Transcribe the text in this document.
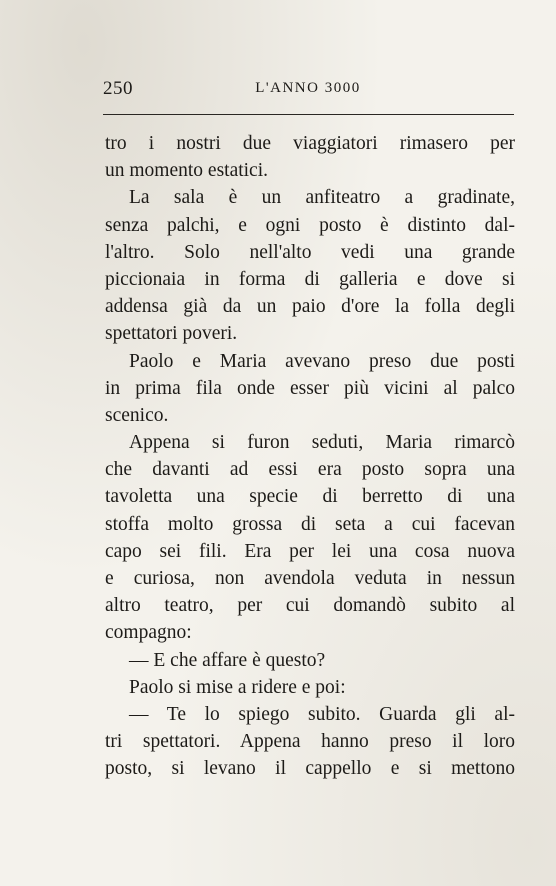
250	L'ANNO 3000
tro i nostri due viaggiatori rimasero per
un momento estatici.
La sala è un anfiteatro a gradinate,
senza palchi, e ogni posto è distinto dal-
l'altro. Solo nell'alto vedi una grande
piccionaia in forma di galleria e dove si
addensa già da un paio d'ore la folla degli
spettatori poveri.
Paolo e Maria avevano preso due posti
in prima fila onde esser più vicini al palco
scenico.
Appena si furon seduti, Maria rimarcò
che davanti ad essi era posto sopra una
tavoletta una specie di berretto di una
stoffa molto grossa di seta a cui facevan
capo sei fili. Era per lei una cosa nuova
e curiosa, non avendola veduta in nessun
altro teatro, per cui domandò subito al
compagno:
— E che affare è questo?
Paolo si mise a ridere e poi:
— Te lo spiego subito. Guarda gli al-
tri spettatori. Appena hanno preso il loro
posto, si levano il cappello e si mettono
